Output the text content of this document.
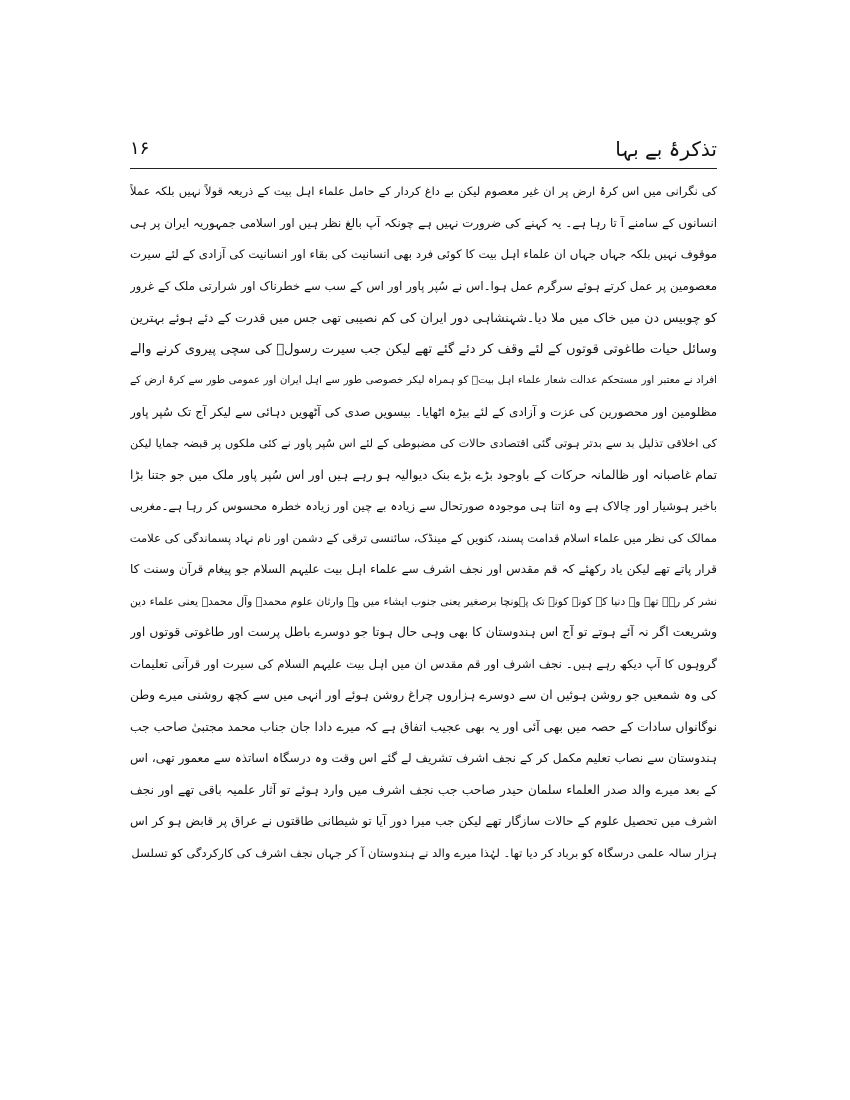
تذکرۂ بے بہا
۱۶
کی نگرانی میں اس کرۂ ارض پر ان غیر معصوم لیکن بے داغ کردار کے حامل علماء اہل بیت کے ذریعہ قولاً نہیں بلکہ عملاً
انسانوں کے سامنے آ تا رہا ہے۔ یہ کہنے کی ضرورت نہیں ہے چونکہ آپ بالغ نظر ہیں اور اسلامی جمہوریہ ایران پر ہی
موقوف نہیں بلکہ جہاں جہاں ان علماء اہل بیت کا کوئی فرد بھی انسانیت کی بقاء اور انسانیت کی آزادی کے لئے سیرت
معصومین پر عمل کرتے ہوئے سرگرم عمل ہوا۔اس نے سُپر پاور اور اس کے سب سے خطرناک اور شرارتی ملک کے غرور
کو چوبیس دن میں خاک میں ملا دیا۔شہنشاہی دور ایران کی کم نصیبی تھی جس میں قدرت کے دئے ہوئے بہترین
وسائل حیات طاغوتی قوتوں کے لئے وقف کر دئے گئے تھے لیکن جب سیرت رسولؐ کی سچی پیروی کرنے والے
افراد نے معتبر اور مستحکم عدالت شعار علماء اہل بیتؑ کو ہمراہ لیکر خصوصی طور سے اہل ایران اور عمومی طور سے کرۂ ارض کے
مظلومین اور محصورین کی عزت و آزادی کے لئے بیڑہ اٹھایا۔ بیسویں صدی کی آٹھویں دہائی سے لیکر آج تک سُپر پاور
کی اخلاقی تذلیل بد سے بدتر ہوتی گئی اقتصادی حالات کی مضبوطی کے لئے اس سُپر پاور نے کئی ملکوں پر قبضہ جمایا لیکن
تمام غاصبانہ اور ظالمانہ حرکات کے باوجود بڑے بڑے بنک دیوالیہ ہو رہے ہیں اور اس سُپر پاور ملک میں جو جتنا بڑا
باخبر ہوشیار اور چالاک ہے وہ اتنا ہی موجودہ صورتحال سے زیادہ بے چین اور زیادہ خطرہ محسوس کر رہا ہے۔مغربی
ممالک کی نظر میں علماء اسلام قدامت پسند، کنویں کے مینڈک، سائنسی ترقی کے دشمن اور نام نہاد پسماندگی کی علامت
قرار پاتے تھے لیکن یاد رکھئے کہ قم مقدس اور نجف اشرف سے علماء اہل بیت علیہم السلام جو پیغام قرآن وسنت کا
نشر کر رہے تھے وہ دنیا کے کونے کونے تک پہونچا برصغیر یعنی جنوب ایشاء میں وہ وارثان علوم محمدؐ وآل محمدؐ یعنی علماء دین
وشریعت اگر نہ آئے ہوتے تو آج اس ہندوستان کا بھی وہی حال ہوتا جو دوسرے باطل پرست اور طاغوتی قوتوں اور
گروہوں کا آپ دیکھ رہے ہیں۔ نجف اشرف اور قم مقدس ان میں اہل بیت علیہم السلام کی سیرت اور قرآنی تعلیمات
کی وہ شمعیں جو روشن ہوئیں ان سے دوسرے ہزاروں چراغ روشن ہوئے اور انہی میں سے کچھ روشنی میرے وطن
نوگانواں سادات کے حصہ میں بھی آئی اور یہ بھی عجیب اتفاق ہے کہ میرے دادا جان جناب محمد مجتبیٰ صاحب جب
ہندوستان سے نصاب تعلیم مکمل کر کے نجف اشرف تشریف لے گئے اس وقت وہ درسگاہ اساتذہ سے معمور تھی، اس
کے بعد میرے والد صدر العلماء سلمان حیدر صاحب جب نجف اشرف میں وارد ہوئے تو آثار علمیہ باقی تھے اور نجف
اشرف میں تحصیل علوم کے حالات سازگار تھے لیکن جب میرا دور آیا تو شیطانی طاقتوں نے عراق پر قابض ہو کر اس
ہزار سالہ علمی درسگاہ کو برباد کر دیا تھا۔ لہٰذا میرے والد نے ہندوستان آ کر جہاں نجف اشرف کی کارکردگی کو تسلسل
